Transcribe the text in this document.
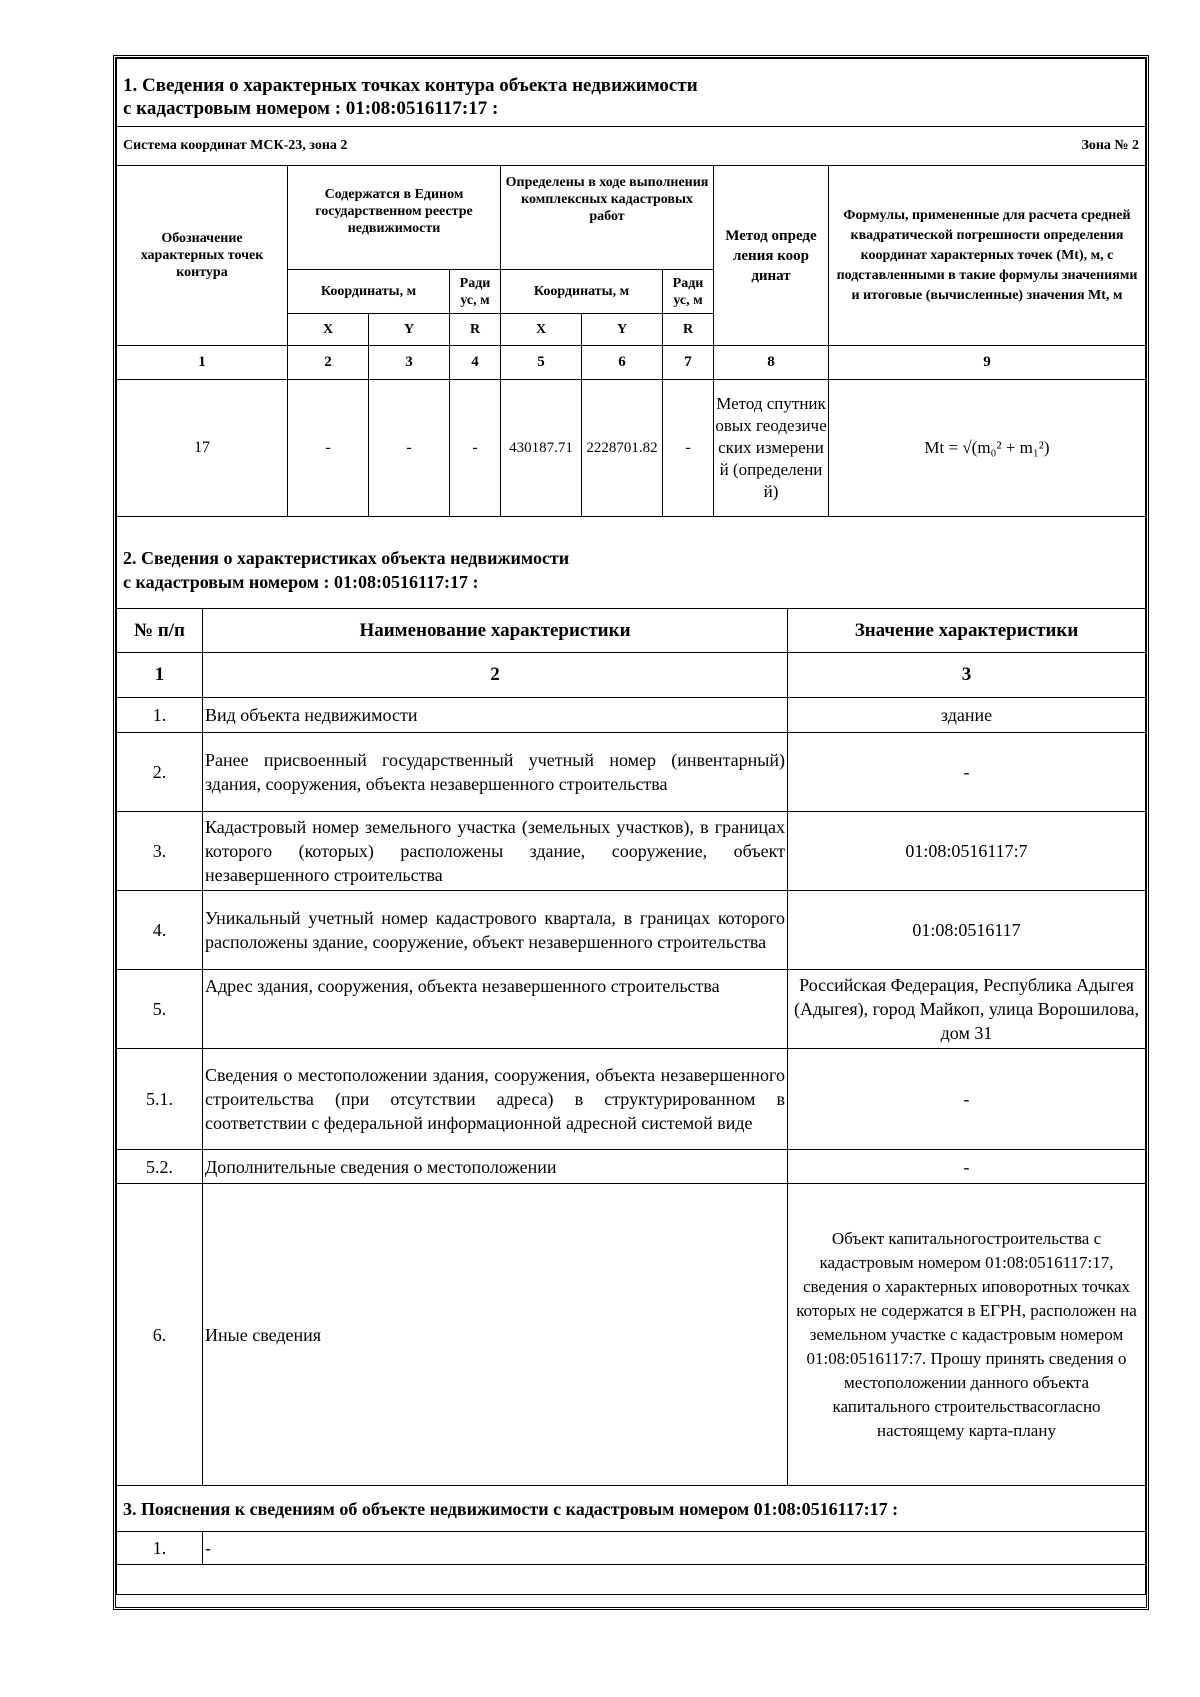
1. Сведения о характерных точках контура объекта недвижимости
с кадастровым номером : 01:08:0516117:17 :								

Система координат МСК-23, зона 2 Зона № 2								

Обозначение характерных точек контура	Содержатся в Едином государственном реестре недвижимости			Определены в ходе выполнения комплексных кадастровых работ			Метод опреде ления коор динат	Формулы, примененные для расчета средней квадратической погрешности определения координат характерных точек (Mt), м, с подставленными в такие формулы значениями и итоговые (вычисленные) значения Mt, м
	Координаты, м		Ради ус, м	Координаты, м		Ради ус, м		
	X	Y	R	X	Y	R		
1	2	3	4	5	6	7	8	9
17	-	-	-	430187.71	2228701.82	-	Метод спутниковых геодезических измерений (определений)	Mt = √(m₀² + m₁²)
2. Сведения о характеристиках объекта недвижимости
с кадастровым номером : 01:08:0516117:17 :		

№ п/п	Наименование характеристики	Значение характеристики
1	2	3
1.	Вид объекта недвижимости	здание
2.	Ранее присвоенный государственный учетный номер (инвентарный) здания, сооружения, объекта незавершенного строительства	-
3.	Кадастровый номер земельного участка (земельных участков), в границах которого (которых) расположены здание, сооружение, объект незавершенного строительства	01:08:0516117:7
4.	Уникальный учетный номер кадастрового квартала, в границах которого расположены здание, сооружение, объект незавершенного строительства	01:08:0516117
5.	Адрес здания, сооружения, объекта незавершенного строительства	Российская Федерация, Республика Адыгея (Адыгея), город Майкоп, улица Ворошилова, дом 31
5.1.	Сведения о местоположении здания, сооружения, объекта незавершенного строительства (при отсутствии адреса) в структурированном в соответствии с федеральной информационной адресной системой виде	-
5.2.	Дополнительные сведения о местоположении	-
6.	Иные сведения	Объект капитальногостроительства с кадастровым номером 01:08:0516117:17, сведения о характерных иповоротных точках которых не содержатся в ЕГРН, расположен на земельном участке с кадастровым номером 01:08:0516117:7. Прошу принять сведения о местоположении данного объекта капитального строительствасогласно настоящему карта-плану
3. Пояснения к сведениям об объекте недвижимости с кадастровым номером 01:08:0516117:17 :
1.	-
